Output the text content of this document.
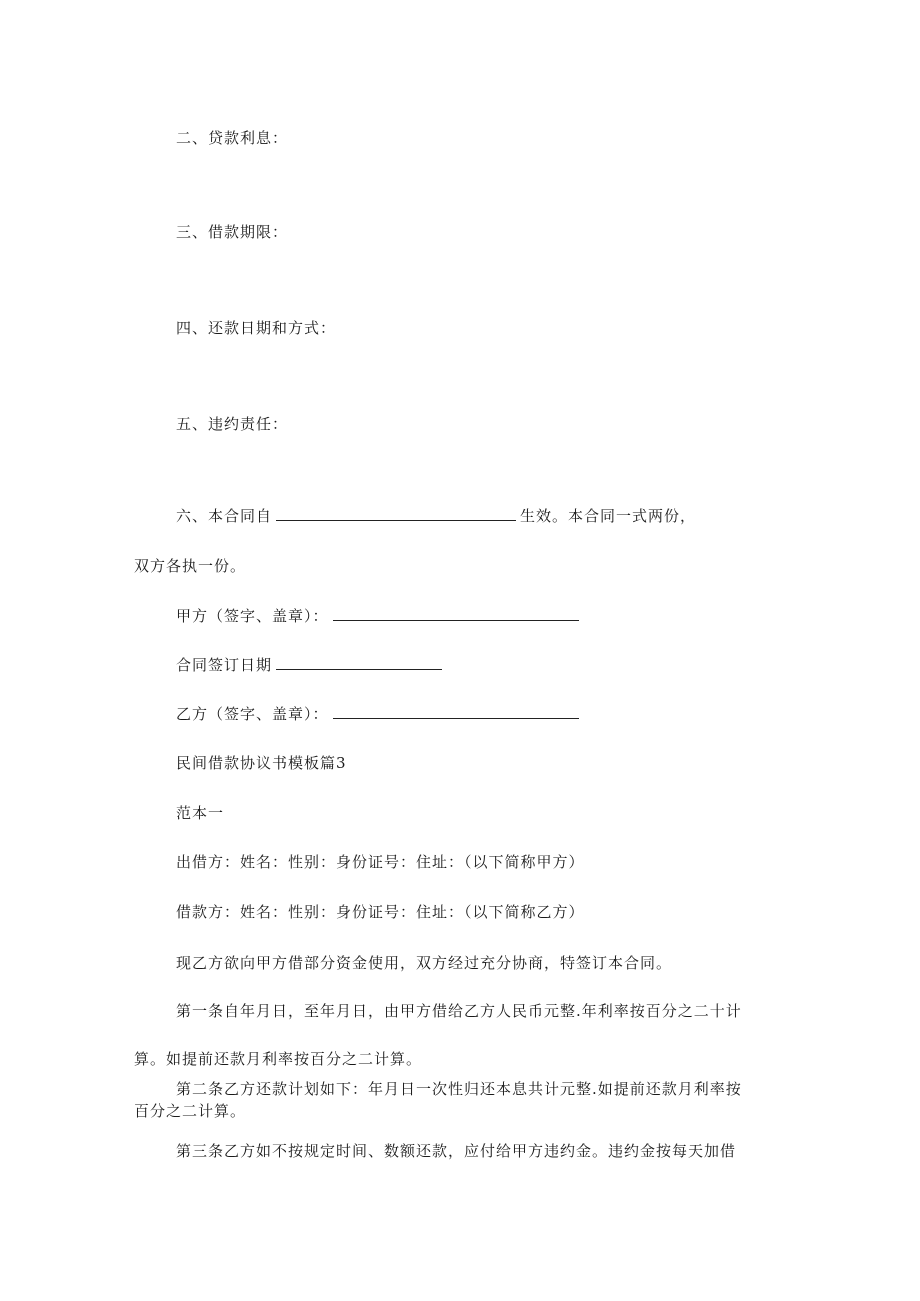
二、贷款利息：
三、借款期限：
四、还款日期和方式：
五、违约责任：
六、本合同自	生效。本合同一式两份，
双方各执一份。
甲方（签字、盖章）：
合同签订日期
乙方（签字、盖章）：
民间借款协议书模板篇3
范本一
出借方：姓名：性别：身份证号：住址：（以下简称甲方）
借款方：姓名：性别：身份证号：住址：（以下简称乙方）
现乙方欲向甲方借部分资金使用，双方经过充分协商，特签订本合同。
第一条自年月日，至年月日，由甲方借给乙方人民币元整.年利率按百分之二十计
算。如提前还款月利率按百分之二计算。
第二条乙方还款计划如下：年月日一次性归还本息共计元整.如提前还款月利率按
百分之二计算。
第三条乙方如不按规定时间、数额还款，应付给甲方违约金。违约金按每天加借
